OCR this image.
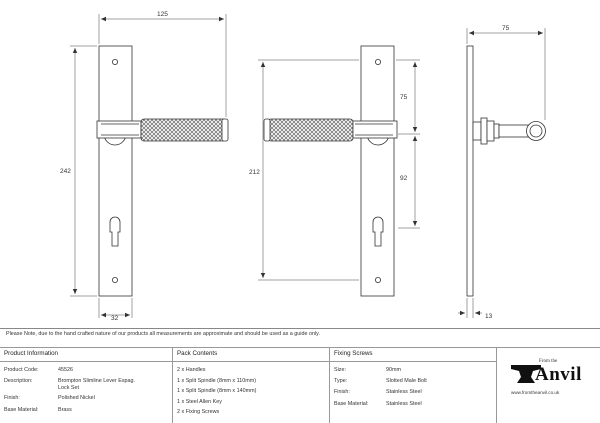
125
242
32
212
75
92
75
13
Please Note, due to the hand crafted nature of our products all measurements are approximate and should be used as a guide only.
Product Information
Product Code:	45526
Description:	Brompton Slimline Lever Espag. Lock Set
Finish:	Polished Nickel
Base Material:	Brass
Pack Contents
2 x Handles
1 x Split Spindle (8mm x 110mm)
1 x Split Spindle (8mm x 140mm)
1 x Steel Allen Key
2 x Fixing Screws
Fixing Screws
Size:	90mm
Type:	Slotted Male Bolt
Finish:	Stainless Steel
Base Material:	Stainless Steel
From the
Anvil
www.fromtheanvil.co.uk
